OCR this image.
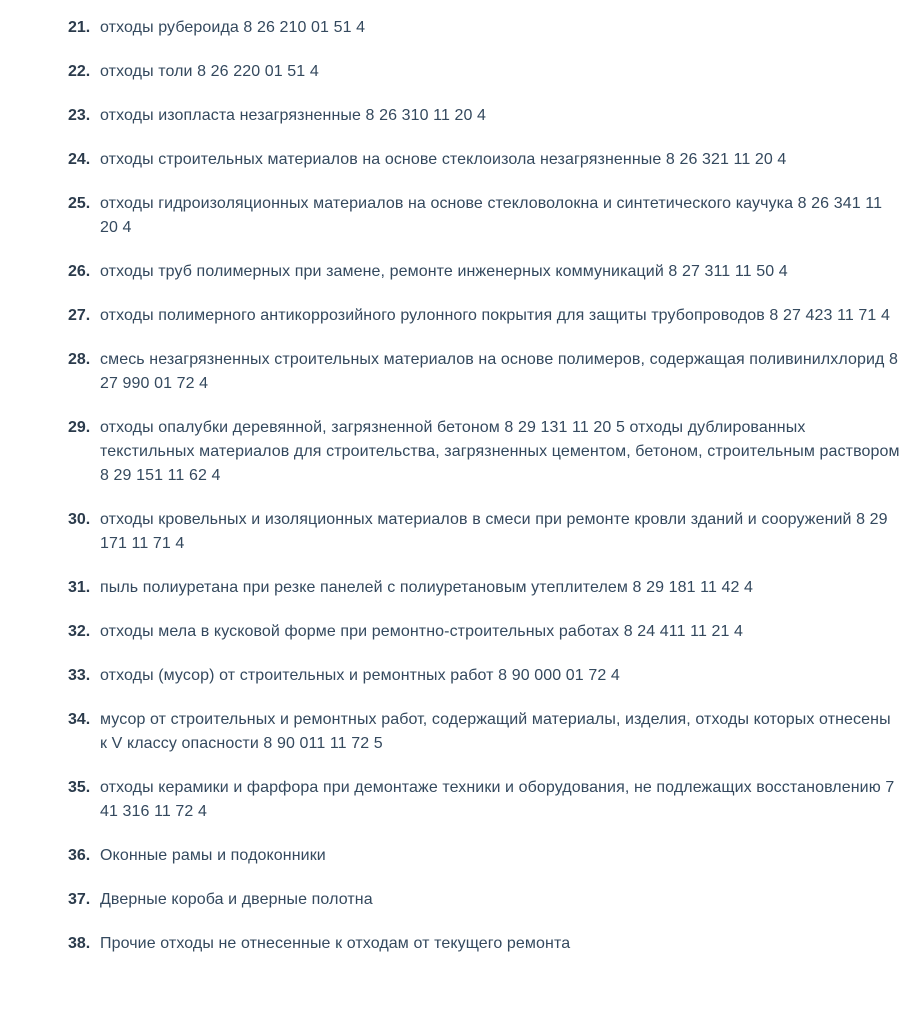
21. отходы рубероида 8 26 210 01 51 4
22. отходы толи 8 26 220 01 51 4
23. отходы изопласта незагрязненные 8 26 310 11 20 4
24. отходы строительных материалов на основе стеклоизола незагрязненные 8 26 321 11 20 4
25. отходы гидроизоляционных материалов на основе стекловолокна и синтетического каучука 8 26 341 11 20 4
26. отходы труб полимерных при замене, ремонте инженерных коммуникаций 8 27 311 11 50 4
27. отходы полимерного антикоррозийного рулонного покрытия для защиты трубопроводов 8 27 423 11 71 4
28. смесь незагрязненных строительных материалов на основе полимеров, содержащая поливинилхлорид 8 27 990 01 72 4
29. отходы опалубки деревянной, загрязненной бетоном 8 29 131 11 20 5 отходы дублированных текстильных материалов для строительства, загрязненных цементом, бетоном, строительным раствором 8 29 151 11 62 4
30. отходы кровельных и изоляционных материалов в смеси при ремонте кровли зданий и сооружений 8 29 171 11 71 4
31. пыль полиуретана при резке панелей с полиуретановым утеплителем 8 29 181 11 42 4
32. отходы мела в кусковой форме при ремонтно-строительных работах 8 24 411 11 21 4
33. отходы (мусор) от строительных и ремонтных работ 8 90 000 01 72 4
34. мусор от строительных и ремонтных работ, содержащий материалы, изделия, отходы которых отнесены к V классу опасности 8 90 011 11 72 5
35. отходы керамики и фарфора при демонтаже техники и оборудования, не подлежащих восстановлению 7 41 316 11 72 4
36. Оконные рамы и подоконники
37. Дверные короба и дверные полотна
38. Прочие отходы не отнесенные к отходам от текущего ремонта
